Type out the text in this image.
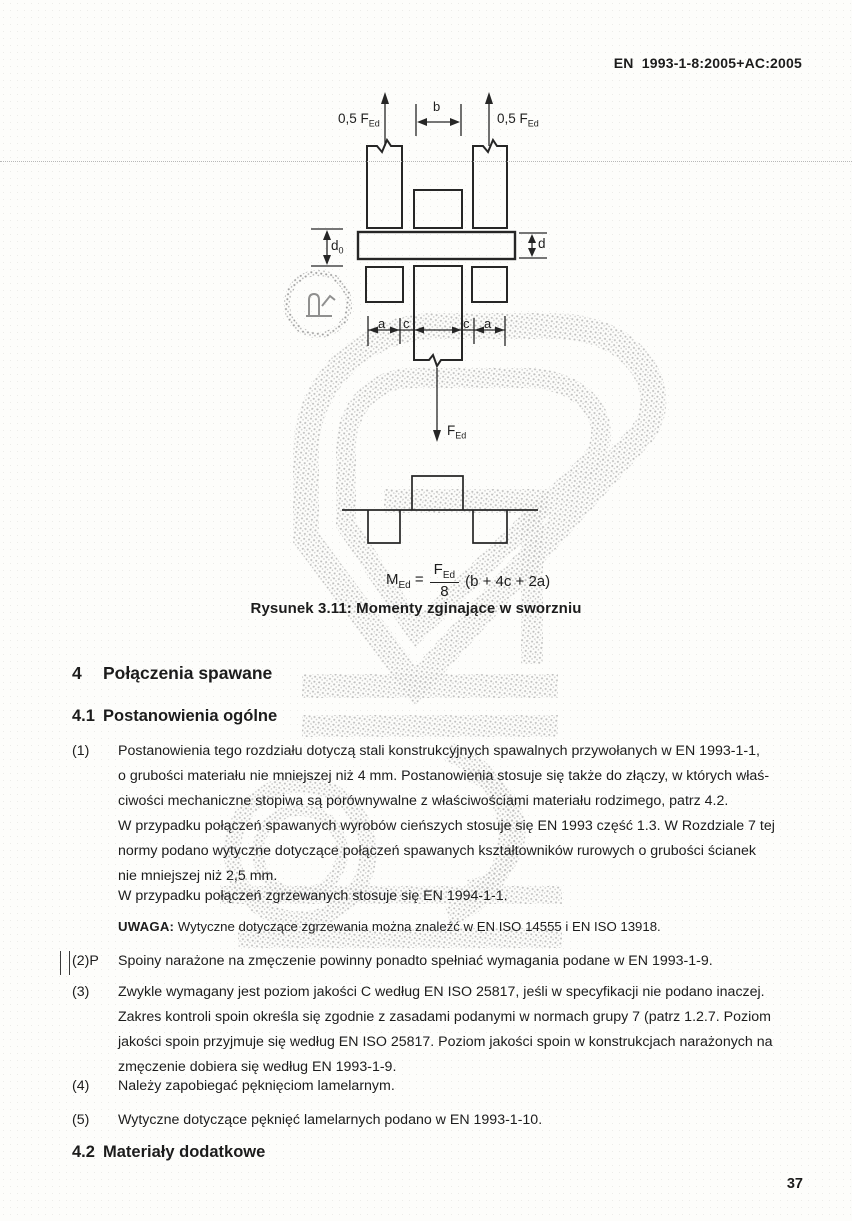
EN  1993-1-8:2005+AC:2005
0,5 $F_{Ed}$	0,5 $F_{Ed}$
b
$d_0$	d
a c	c a
$F_{Ed}$
$M_{Ed} = \frac{F_{Ed}}{8} (b + 4c + 2a)$
Rysunek 3.11: Momenty zginające w sworzniu
4	Połączenia spawane
4.1 Postanowienia ogólne
(1) Postanowienia tego rozdziału dotyczą stali konstrukcyjnych spawalnych przywołanych w EN 1993-1-1,
o grubości materiału nie mniejszej niż 4 mm. Postanowienia stosuje się także do złączy, w których właś-
ciwości mechaniczne stopiwa są porównywalne z właściwościami materiału rodzimego, patrz 4.2.
W przypadku połączeń spawanych wyrobów cieńszych stosuje się EN 1993 część 1.3. W Rozdziale 7 tej
normy podano wytyczne dotyczące połączeń spawanych kształtowników rurowych o grubości ścianek
nie mniejszej niż 2,5 mm.
W przypadku połączeń zgrzewanych stosuje się EN 1994-1-1.
UWAGA: Wytyczne dotyczące zgrzewania można znaleźć w EN ISO 14555 i EN ISO 13918.
(2)P Spoiny narażone na zmęczenie powinny ponadto spełniać wymagania podane w EN 1993-1-9.
(3) Zwykle wymagany jest poziom jakości C według EN ISO 25817, jeśli w specyfikacji nie podano inaczej.
Zakres kontroli spoin określa się zgodnie z zasadami podanymi w normach grupy 7 (patrz 1.2.7. Poziom
jakości spoin przyjmuje się według EN ISO 25817. Poziom jakości spoin w konstrukcjach narażonych na
zmęczenie dobiera się według EN 1993-1-9.
(4) Należy zapobiegać pęknięciom lamelarnym.
(5) Wytyczne dotyczące pęknięć lamelarnych podano w EN 1993-1-10.
4.2 Materiały dodatkowe
37
